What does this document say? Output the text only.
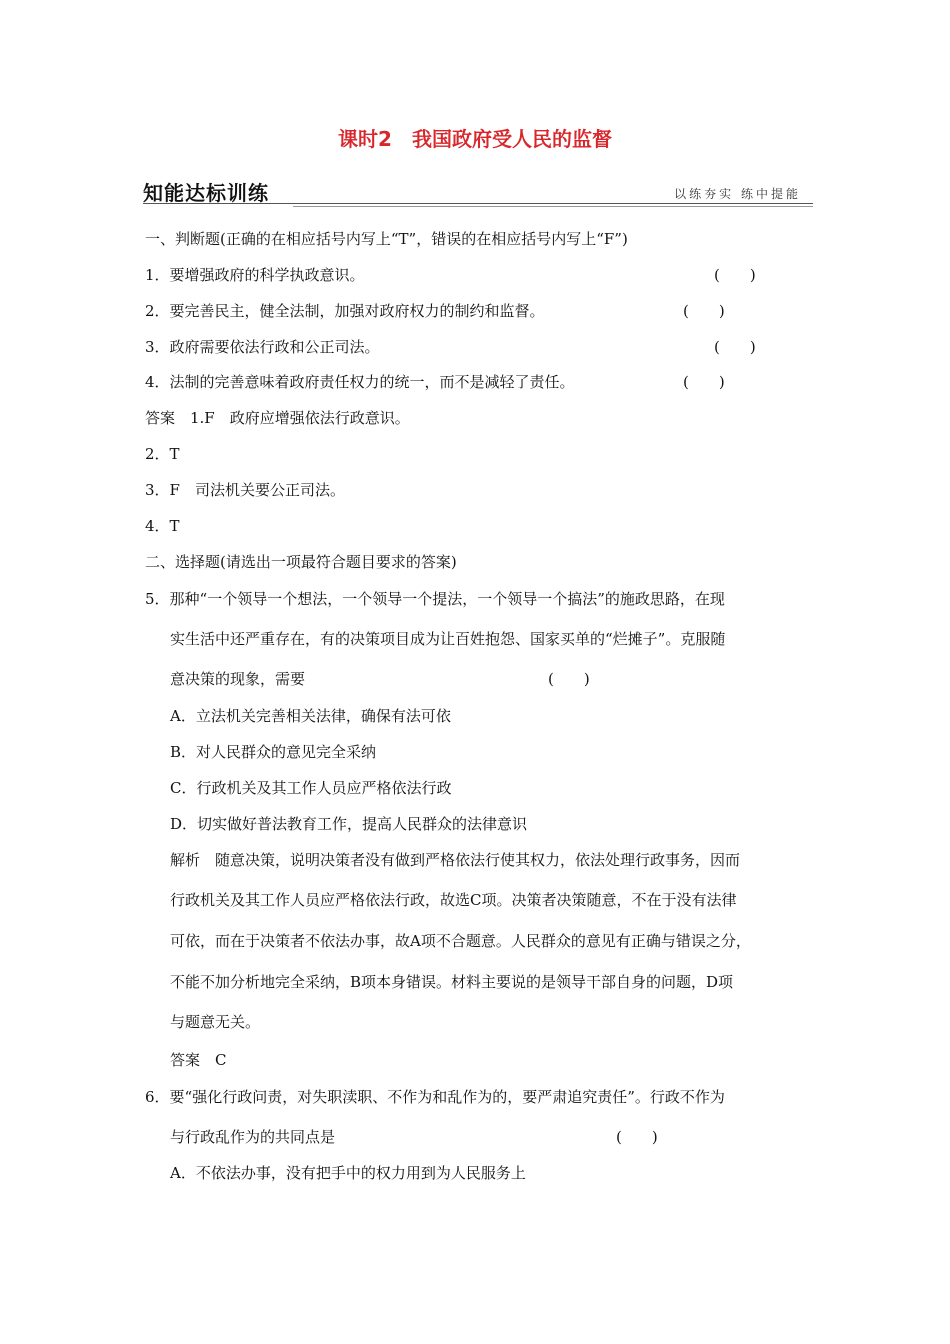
课时2　我国政府受人民的监督
知能达标训练	以练夯实 练中提能
一、判断题(正确的在相应括号内写上“T”，错误的在相应括号内写上“F”)
1．要增强政府的科学执政意识。	(　　)
2．要完善民主，健全法制，加强对政府权力的制约和监督。	(　　)
3．政府需要依法行政和公正司法。	(　　)
4．法制的完善意味着政府责任权力的统一，而不是减轻了责任。	(　　)
答案　1.F　政府应增强依法行政意识。
2．T
3．F　司法机关要公正司法。
4．T
二、选择题(请选出一项最符合题目要求的答案)
5．那种“一个领导一个想法，一个领导一个提法，一个领导一个搞法”的施政思路，在现
实生活中还严重存在，有的决策项目成为让百姓抱怨、国家买单的“烂摊子”。克服随
意决策的现象，需要	(　　)
A．立法机关完善相关法律，确保有法可依
B．对人民群众的意见完全采纳
C．行政机关及其工作人员应严格依法行政
D．切实做好普法教育工作，提高人民群众的法律意识
解析　随意决策，说明决策者没有做到严格依法行使其权力，依法处理行政事务，因而
行政机关及其工作人员应严格依法行政，故选C项。决策者决策随意，不在于没有法律
可依，而在于决策者不依法办事，故A项不合题意。人民群众的意见有正确与错误之分，
不能不加分析地完全采纳，B项本身错误。材料主要说的是领导干部自身的问题，D项
与题意无关。
答案　C
6．要“强化行政问责，对失职渎职、不作为和乱作为的，要严肃追究责任”。行政不作为
与行政乱作为的共同点是	(　　)
A．不依法办事，没有把手中的权力用到为人民服务上
